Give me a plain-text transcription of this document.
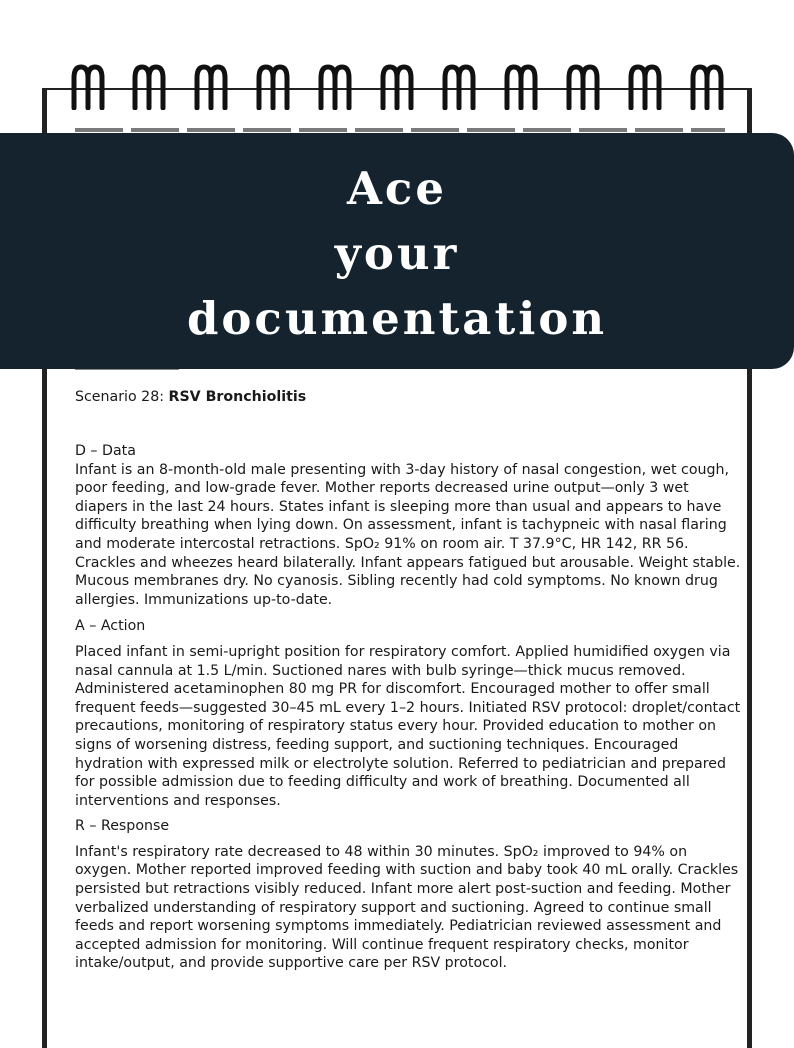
Ace
your
documentation

Scenario 28: RSV Bronchiolitis

D – Data

Infant is an 8-month-old male presenting with 3-day history of nasal congestion, wet cough, poor feeding, and low-grade fever. Mother reports decreased urine output—only 3 wet diapers in the last 24 hours. States infant is sleeping more than usual and appears to have difficulty breathing when lying down. On assessment, infant is tachypneic with nasal flaring and moderate intercostal retractions. SpO₂ 91% on room air. T 37.9°C, HR 142, RR 56. Crackles and wheezes heard bilaterally. Infant appears fatigued but arousable. Weight stable. Mucous membranes dry. No cyanosis. Sibling recently had cold symptoms. No known drug allergies. Immunizations up-to-date.

A – Action

Placed infant in semi-upright position for respiratory comfort. Applied humidified oxygen via nasal cannula at 1.5 L/min. Suctioned nares with bulb syringe—thick mucus removed. Administered acetaminophen 80 mg PR for discomfort. Encouraged mother to offer small frequent feeds—suggested 30–45 mL every 1–2 hours. Initiated RSV protocol: droplet/contact precautions, monitoring of respiratory status every hour. Provided education to mother on signs of worsening distress, feeding support, and suctioning techniques. Encouraged hydration with expressed milk or electrolyte solution. Referred to pediatrician and prepared for possible admission due to feeding difficulty and work of breathing. Documented all interventions and responses.

R – Response

Infant's respiratory rate decreased to 48 within 30 minutes. SpO₂ improved to 94% on oxygen. Mother reported improved feeding with suction and baby took 40 mL orally. Crackles persisted but retractions visibly reduced. Infant more alert post-suction and feeding. Mother verbalized understanding of respiratory support and suctioning. Agreed to continue small feeds and report worsening symptoms immediately. Pediatrician reviewed assessment and accepted admission for monitoring. Will continue frequent respiratory checks, monitor intake/output, and provide supportive care per RSV protocol.
